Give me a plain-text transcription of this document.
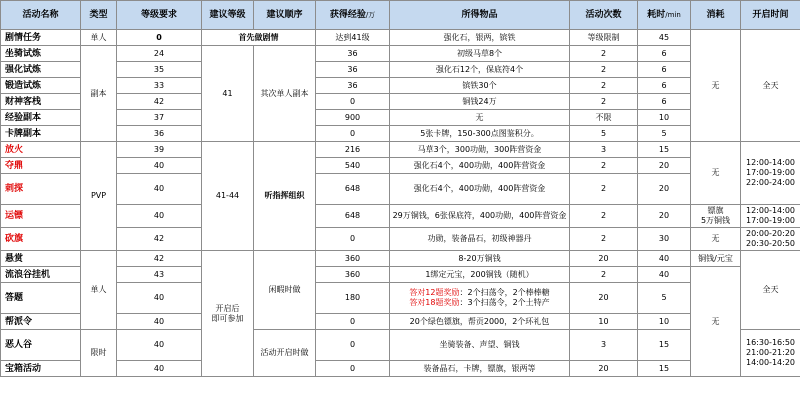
活动名称	类型	等级要求	建议等级	建议顺序	获得经验/万	所得物品	活动次数	耗时/min	消耗	开启时间
剧情任务	单人	0	首先做剧情		达到41级	强化石，银两，镔铁	等级限制	45	无	全天
坐骑试炼	副本	24	41	其次单人副本	36	初级马草8个	2	6		
强化试炼		35			36	强化石12个，保底符4个	2	6		
锻造试炼		33			36	镔铁30个	2	6		
财神客栈		42			0	铜钱24万	2	6		
经验副本		37			900	无	不限	10		
卡牌副本		36			0	5张卡牌，150-300点图鉴积分。	5	5		
放火	PVP	39	41-44	听指挥组织	216	马草3个，300功勋，300阵营资金	3	15	无	12:00-14:00
17:00-19:00
22:00-24:00

夺鼎		40			540	强化石4个，400功勋，400阵营资金	2	20		
刺探		40			648	强化石4个，400功勋，400阵营资金	2	20		
运镖		40			648	29万铜钱，6张保底符，400功勋，400阵营资金	2	20	镖旗
5万铜钱	12:00-14:00
17:00-19:00

砍旗		42			0	功勋，装备晶石，初级神器丹	2	30	无	20:00-20:20
20:30-20:50

悬赏	单人	42	开启后
即可参加	闲暇时做	360	8-20万铜钱	20	40	铜钱/元宝	全天
流浪谷挂机		43			360	1绑定元宝，200铜钱（随机）	2	40	无	
答题		40			180	答对12题奖励：2个扫荡令，2个棒棒糖
答对18题奖励：3个扫荡令，2个土特产	20	5		
帮派令		40			0	20个绿色镖旗，帮贡2000，2个环礼包	10	10		
恶人谷	限时	40		活动开启时做	0	坐骑装备、声望、铜钱	3	15		16:30-16:50
21:00-21:20
14:00-14:20

宝箱活动		40			0	装备晶石，卡牌，镖旗，银两等	20	15		
